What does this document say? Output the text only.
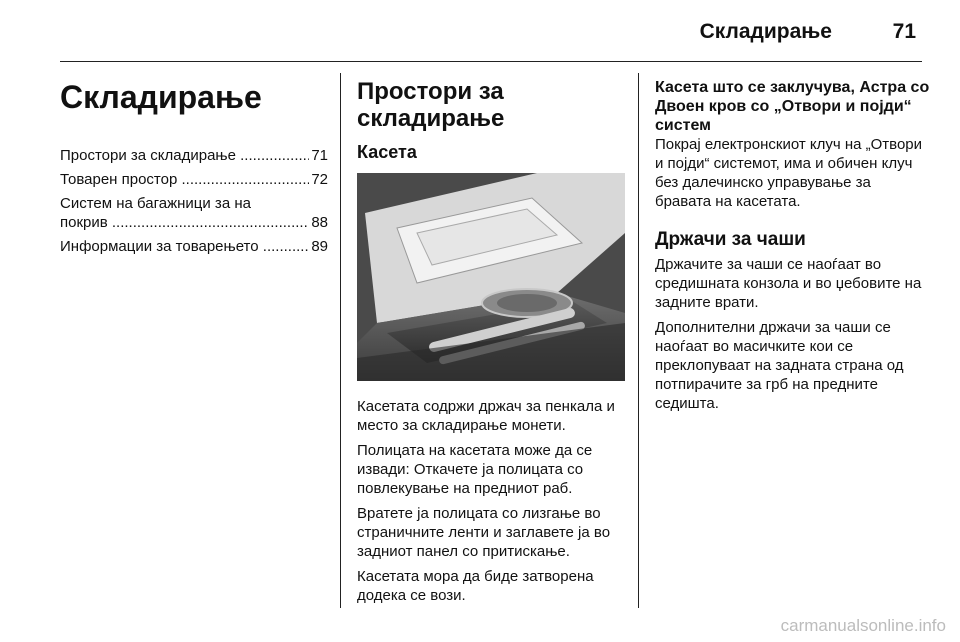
Складирање	71
Складирање
Простори за складирање .....	71
Товарен простор .....	72
Систем на багажници за на
покрив .....	88
Информации за товарењето .....	89
Простори за складирање
Касета

Касетата содржи држач за пенкала и место за складирање монети.

Полицата на касетата може да се извади: Откачете ја полицата со повлекување на предниот раб.

Вратете ја полицата со лизгање во страничните ленти и заглавете ја во задниот панел со притискање.

Касетата мора да биде затворена додека се вози.

Касета што се заклучува, Астра со Двоен кров со „Отвори и појди“ систем

Покрај електронскиот клуч на „Отвори и појди“ системот, има и обичен клуч без далечинско управување за бравата на касетата.

Држачи за чаши

Држачите за чаши се наоѓаат во средишната конзола и во џебовите на задните врати.

Дополнителни држачи за чаши се наоѓаат во масичките кои се преклопуваат на задната страна од потпирачите за грб на предните седишта.

carmanualsonline.info
